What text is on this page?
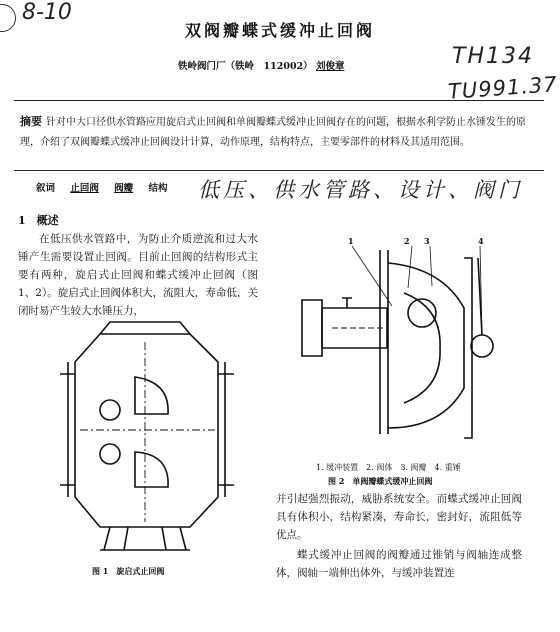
8-10
TH134
TU991.37
低压、供水管路、设计、阀门
双阀瓣蝶式缓冲止回阀
铁岭阀门厂（铁岭　112002） 刘俊章
摘要 针对中大口径供水管路应用旋启式止回阀和单阀瓣蝶式缓冲止回阀存在的问题，根据水利学防止水锤发生的原理，介绍了双阀瓣蝶式缓冲止回阀设计计算，动作原理，结构特点，主要零部件的材料及其适用范围。
叙词 止回阀 阀瓣 结构
1　概述
在低压供水管路中，为防止介质逆流和过大水锤产生需要设置止回阀。目前止回阀的结构形式主要有两种，旋启式止回阀和蝶式缓冲止回阀（图 1、2）。旋启式止回阀体积大，流阻大，寿命低，关闭时易产生较大水锤压力，
图 1　旋启式止回阀
1	2 3	4
1. 缓冲装置　2. 阀体　3. 阀瓣　4. 重锤
图 2　单阀瓣蝶式缓冲止回阀
并引起强烈振动，威胁系统安全。而蝶式缓冲止回阀具有体积小，结构紧凑，寿命长，密封好，流阻低等优点。
蝶式缓冲止回阀的阀瓣通过锥销与阀轴连成整体，阀轴一端伸出体外，与缓冲装置连
